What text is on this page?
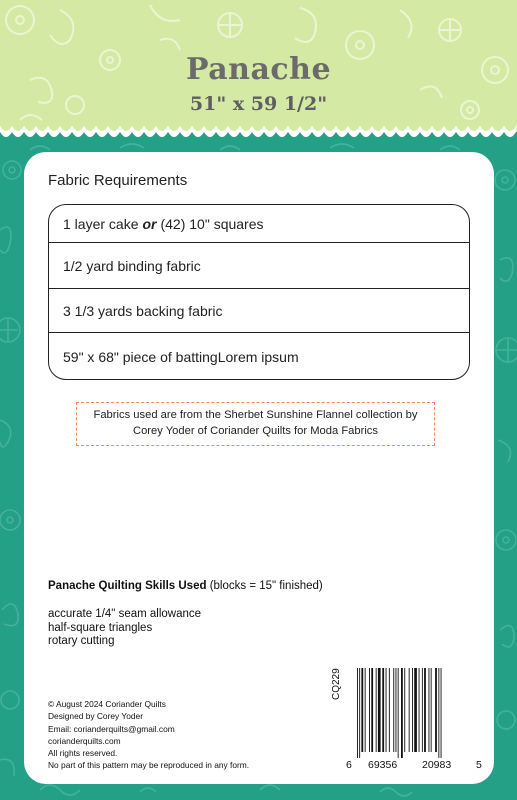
Panache
51" x 59 1/2"
Fabric Requirements
1 layer cake or (42) 10" squares
1/2 yard binding fabric
3 1/3 yards backing fabric
59" x 68" piece of battingLorem ipsum
Fabrics used are from the Sherbet Sunshine Flannel collection by
Corey Yoder of Coriander Quilts for Moda Fabrics
Panache Quilting Skills Used (blocks = 15" finished)
accurate 1/4" seam allowance
half-square triangles
rotary cutting
© August 2024 Coriander Quilts
Designed by Corey Yoder
Email: corianderquilts@gmail.com
corianderquilts.com
All rights reserved.
No part of this pattern may be reproduced in any form.	6 69356 20983 5
